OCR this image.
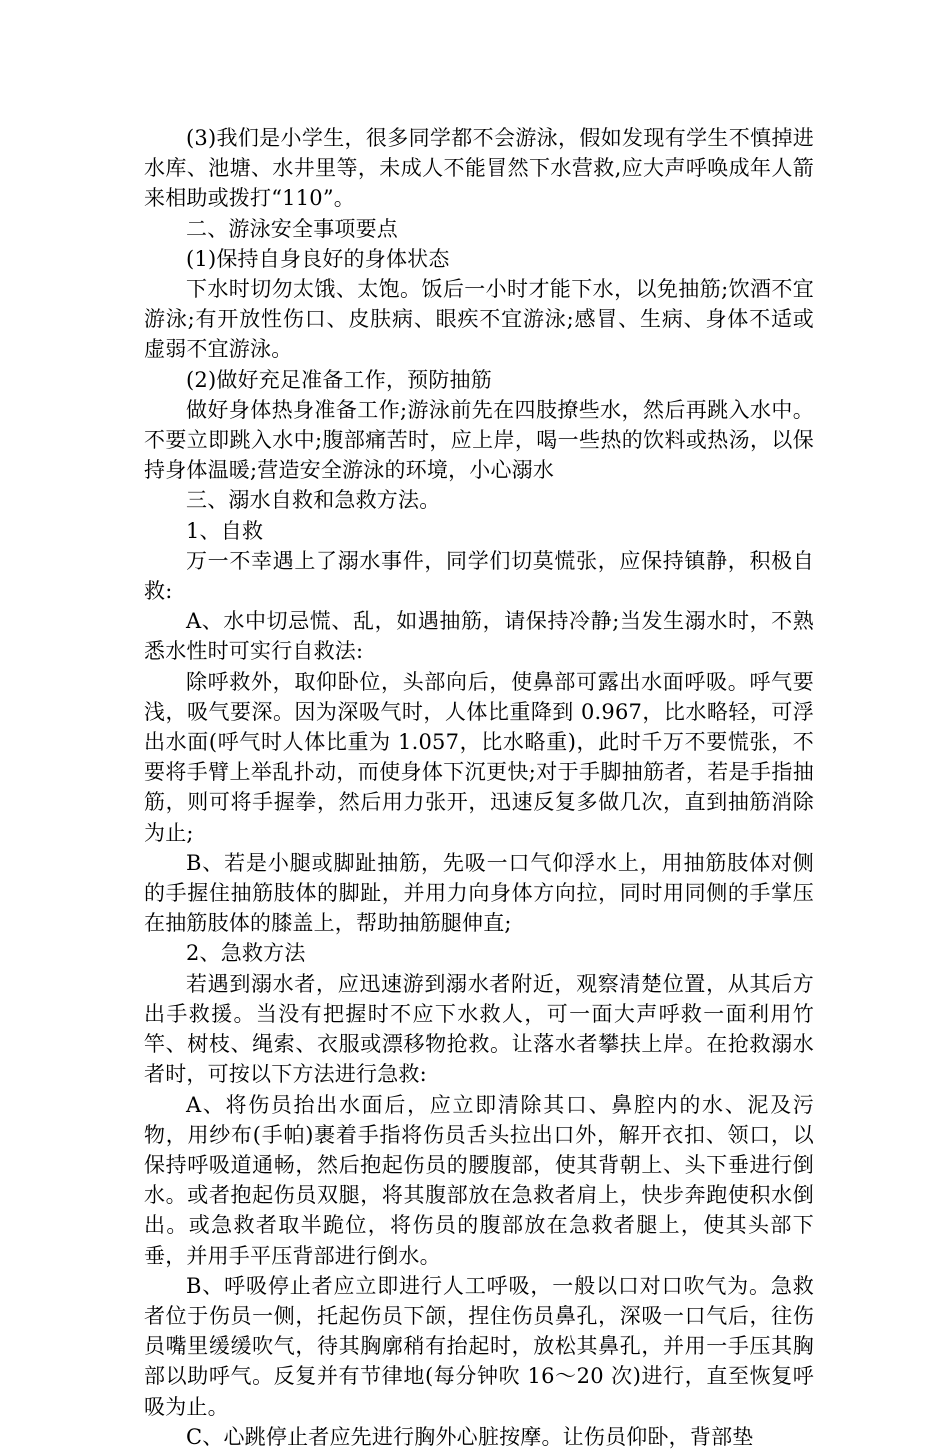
(3)我们是小学生，很多同学都不会游泳，假如发现有学生不慎掉进水库、池塘、水井里等，未成人不能冒然下水营救,应大声呼唤成年人箭来相助或拨打“110”。

二、游泳安全事项要点

(1)保持自身良好的身体状态

下水时切勿太饿、太饱。饭后一小时才能下水，以免抽筋;饮酒不宜游泳;有开放性伤口、皮肤病、眼疾不宜游泳;感冒、生病、身体不适或虚弱不宜游泳。

(2)做好充足准备工作，预防抽筋

做好身体热身准备工作;游泳前先在四肢撩些水，然后再跳入水中。不要立即跳入水中;腹部痛苦时，应上岸，喝一些热的饮料或热汤，以保持身体温暖;营造安全游泳的环境，小心溺水

三、溺水自救和急救方法。

1、自救

万一不幸遇上了溺水事件，同学们切莫慌张，应保持镇静，积极自救:

A、水中切忌慌、乱，如遇抽筋，请保持冷静;当发生溺水时，不熟悉水性时可实行自救法:

除呼救外，取仰卧位，头部向后，使鼻部可露出水面呼吸。呼气要浅，吸气要深。因为深吸气时，人体比重降到 0.967，比水略轻，可浮出水面(呼气时人体比重为 1.057，比水略重)，此时千万不要慌张，不要将手臂上举乱扑动，而使身体下沉更快;对于手脚抽筋者，若是手指抽筋，则可将手握拳，然后用力张开，迅速反复多做几次，直到抽筋消除为止;

B、若是小腿或脚趾抽筋，先吸一口气仰浮水上，用抽筋肢体对侧的手握住抽筋肢体的脚趾，并用力向身体方向拉，同时用同侧的手掌压在抽筋肢体的膝盖上，帮助抽筋腿伸直;

2、急救方法

若遇到溺水者，应迅速游到溺水者附近，观察清楚位置，从其后方出手救援。当没有把握时不应下水救人，可一面大声呼救一面利用竹竿、树枝、绳索、衣服或漂移物抢救。让落水者攀扶上岸。在抢救溺水者时，可按以下方法进行急救:

A、将伤员抬出水面后，应立即清除其口、鼻腔内的水、泥及污物，用纱布(手帕)裹着手指将伤员舌头拉出口外，解开衣扣、领口，以保持呼吸道通畅，然后抱起伤员的腰腹部，使其背朝上、头下垂进行倒水。或者抱起伤员双腿，将其腹部放在急救者肩上，快步奔跑使积水倒出。或急救者取半跪位，将伤员的腹部放在急救者腿上，使其头部下垂，并用手平压背部进行倒水。

B、呼吸停止者应立即进行人工呼吸，一般以口对口吹气为。急救者位于伤员一侧，托起伤员下颌，捏住伤员鼻孔，深吸一口气后，往伤员嘴里缓缓吹气，待其胸廓稍有抬起时，放松其鼻孔，并用一手压其胸部以助呼气。反复并有节律地(每分钟吹 16～20 次)进行，直至恢复呼吸为止。

C、心跳停止者应先进行胸外心脏按摩。让伤员仰卧，背部垫
